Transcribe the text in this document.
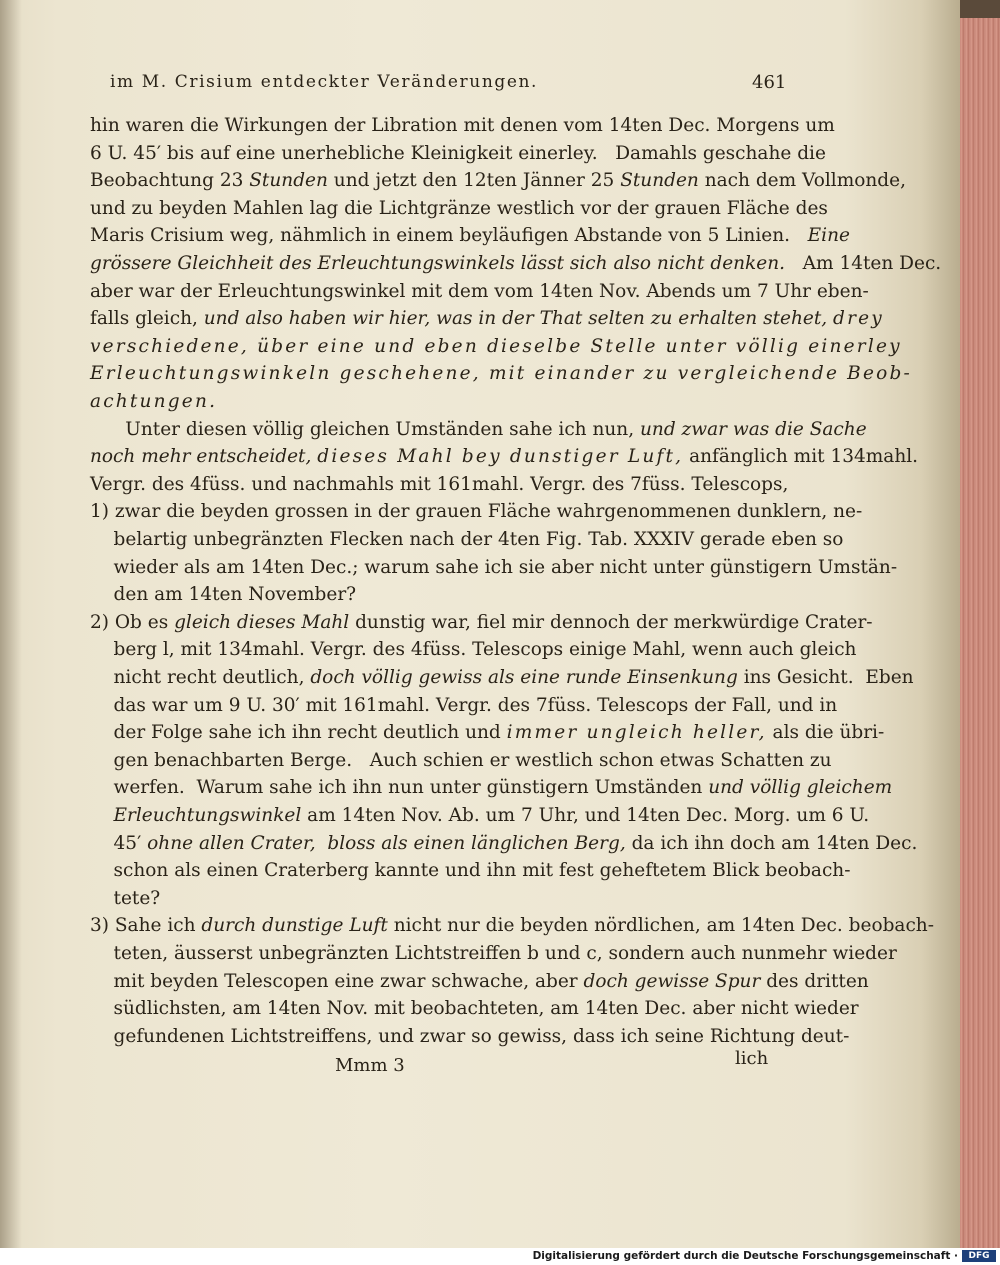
im M. Crisium entdeckter Veränderungen.	461
hin waren die Wirkungen der Libration mit denen vom 14ten Dec. Morgens um
6 U. 45′ bis auf eine unerhebliche Kleinigkeit einerley.   Damahls geschahe die
Beobachtung 23 Stunden und jetzt den 12ten Jänner 25 Stunden nach dem Vollmonde,
und zu beyden Mahlen lag die Lichtgränze westlich vor der grauen Fläche des
Maris Crisium weg, nähmlich in einem beyläufigen Abstande von 5 Linien.   Eine
grössere Gleichheit des Erleuchtungswinkels lässt sich also nicht denken.   Am 14ten Dec.
aber war der Erleuchtungswinkel mit dem vom 14ten Nov. Abends um 7 Uhr eben-
falls gleich, und also haben wir hier, was in der That selten zu erhalten stehet, drey
verschiedene, über eine und eben dieselbe Stelle unter völlig einerley
Erleuchtungswinkeln geschehene, mit einander zu vergleichende Beob-
achtungen.
Unter diesen völlig gleichen Umständen sahe ich nun, und zwar was die Sache
noch mehr entscheidet, dieses Mahl bey dunstiger Luft, anfänglich mit 134mahl.
Vergr. des 4füss. und nachmahls mit 161mahl. Vergr. des 7füss. Telescops,
1) zwar die beyden grossen in der grauen Fläche wahrgenommenen dunklern, ne-
belartig unbegränzten Flecken nach der 4ten Fig. Tab. XXXIV gerade eben so
wieder als am 14ten Dec.; warum sahe ich sie aber nicht unter günstigern Umstän-
den am 14ten November?
2) Ob es gleich dieses Mahl dunstig war, fiel mir dennoch der merkwürdige Crater-
berg l, mit 134mahl. Vergr. des 4füss. Telescops einige Mahl, wenn auch gleich
nicht recht deutlich, doch völlig gewiss als eine runde Einsenkung ins Gesicht.  Eben
das war um 9 U. 30′ mit 161mahl. Vergr. des 7füss. Telescops der Fall, und in
der Folge sahe ich ihn recht deutlich und immer ungleich heller, als die übri-
gen benachbarten Berge.   Auch schien er westlich schon etwas Schatten zu
werfen.  Warum sahe ich ihn nun unter günstigern Umständen und völlig gleichem
Erleuchtungswinkel am 14ten Nov. Ab. um 7 Uhr, und 14ten Dec. Morg. um 6 U.
45′ ohne allen Crater,  bloss als einen länglichen Berg, da ich ihn doch am 14ten Dec.
schon als einen Craterberg kannte und ihn mit fest geheftetem Blick beobach-
tete?
3) Sahe ich durch dunstige Luft nicht nur die beyden nördlichen, am 14ten Dec. beobach-
teten, äusserst unbegränzten Lichtstreiffen b und c, sondern auch nunmehr wieder
mit beyden Telescopen eine zwar schwache, aber doch gewisse Spur des dritten
südlichsten, am 14ten Nov. mit beobachteten, am 14ten Dec. aber nicht wieder
gefundenen Lichtstreiffens, und zwar so gewiss, dass ich seine Richtung deut-
Mmm 3	lich
Digitalisierung gefördert durch die Deutsche Forschungsgemeinschaft ·	DFG
